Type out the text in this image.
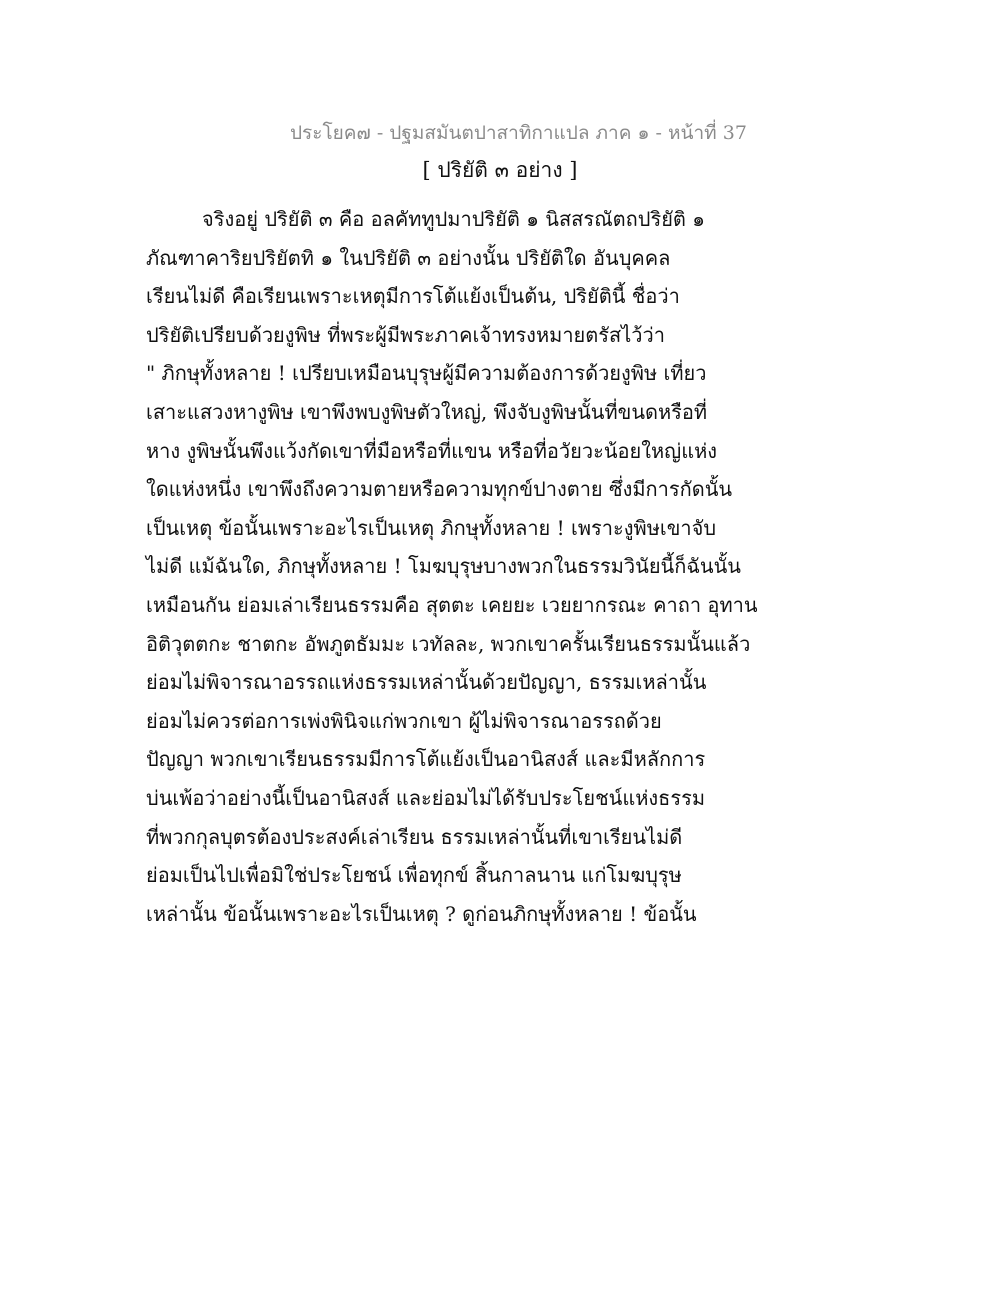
ประโยค๗ - ปฐมสมันตปาสาทิกาแปล ภาค ๑ - หน้าที่ 37
[ ปริยัติ ๓ อย่าง ]
จริงอยู่ ปริยัติ ๓ คือ อลคัททูปมาปริยัติ ๑ นิสสรณัตถปริยัติ ๑
ภัณฑาคาริยปริยัตทิ ๑ ในปริยัติ ๓ อย่างนั้น ปริยัติใด อันบุคคล
เรียนไม่ดี คือเรียนเพราะเหตุมีการโต้แย้งเป็นต้น, ปริยัตินี้ ชื่อว่า
ปริยัติเปรียบด้วยงูพิษ ที่พระผู้มีพระภาคเจ้าทรงหมายตรัสไว้ว่า
" ภิกษุทั้งหลาย ! เปรียบเหมือนบุรุษผู้มีความต้องการด้วยงูพิษ เที่ยว
เสาะแสวงหางูพิษ เขาพึงพบงูพิษตัวใหญ่, พึงจับงูพิษนั้นที่ขนดหรือที่
หาง งูพิษนั้นพึงแว้งกัดเขาที่มือหรือที่แขน หรือที่อวัยวะน้อยใหญ่แห่ง
ใดแห่งหนึ่ง เขาพึงถึงความตายหรือความทุกข์ปางตาย ซึ่งมีการกัดนั้น
เป็นเหตุ ข้อนั้นเพราะอะไรเป็นเหตุ ภิกษุทั้งหลาย ! เพราะงูพิษเขาจับ
ไม่ดี แม้ฉันใด, ภิกษุทั้งหลาย ! โมฆบุรุษบางพวกในธรรมวินัยนี้ก็ฉันนั้น
เหมือนกัน ย่อมเล่าเรียนธรรมคือ สุตตะ เคยยะ เวยยากรณะ คาถา อุทาน
อิติวุตตกะ ชาตกะ อัพภูตธัมมะ เวทัลละ, พวกเขาครั้นเรียนธรรมนั้นแล้ว
ย่อมไม่พิจารณาอรรถแห่งธรรมเหล่านั้นด้วยปัญญา, ธรรมเหล่านั้น
ย่อมไม่ควรต่อการเพ่งพินิจแก่พวกเขา ผู้ไม่พิจารณาอรรถด้วย
ปัญญา พวกเขาเรียนธรรมมีการโต้แย้งเป็นอานิสงส์ และมีหลักการ
บ่นเพ้อว่าอย่างนี้เป็นอานิสงส์ และย่อมไม่ได้รับประโยชน์แห่งธรรม
ที่พวกกุลบุตรต้องประสงค์เล่าเรียน ธรรมเหล่านั้นที่เขาเรียนไม่ดี
ย่อมเป็นไปเพื่อมิใช่ประโยชน์ เพื่อทุกข์ สิ้นกาลนาน แก่โมฆบุรุษ
เหล่านั้น ข้อนั้นเพราะอะไรเป็นเหตุ ? ดูก่อนภิกษุทั้งหลาย ! ข้อนั้น
